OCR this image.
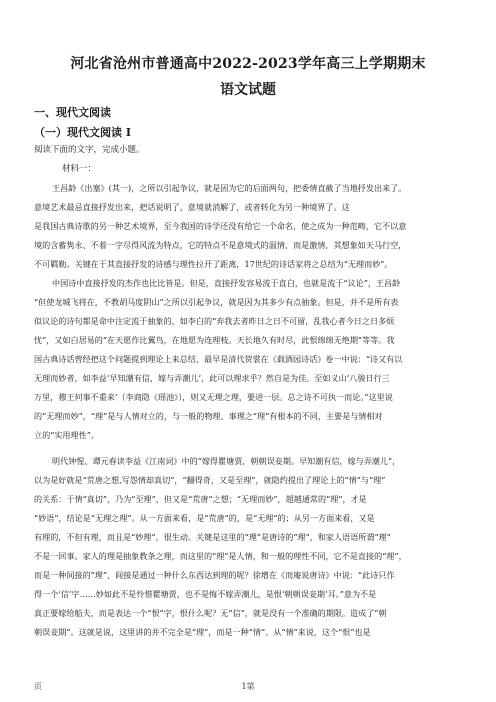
河北省沧州市普通高中2022-2023学年高三上学期期末
语文试题
一、现代文阅读
（一）现代文阅读 I
阅读下面的文字，完成小题。
材料一：
王昌龄《出塞》(其一)，之所以引起争议，就是因为它的后面两句，把委情直截了当地抒发出来了。
意境艺术最忌直接抒发出来，把话说明了，意境就消解了，或者转化为另一种境界了。这
是我国古典诗歌的另一种艺术境界，至今我国的诗学还没有给它一个命名，使之成为一种范畴，它不以意
境的含蓄隽永、不着一字尽得风流为特点，它的特点不是意境式的温情，而是激情，其想象如天马行空，
不可羁勒。关键在于其直接抒发的诗感与理性拉开了距离，17世纪的诗话家将之总结为“无理而妙”。
中国诗中直接抒发的杰作也比比皆是。但是，直接抒发容易流于直白，也就是流于“议论”，王昌龄
“但使龙城飞将在，不教胡马度阴山”之所以引起争议，就是因为其多少有点抽象。但是，并不是所有表
似议论的诗句都是命中注定流于抽象的，如李白的“弃我去者昨日之日不可留，乱我心者今日之日多烦
忧”，又如白居易的“在天愿作比翼鸟，在地愿为连理枝。天长地久有时尽，此恨绵绵无绝期”等等。我
国古典诗话曾经把这个问题提到理论上来总结，最早是清代贺裳在《载酒园诗话》卷一中说：“诗又有以
无理而妙者，如李益‘早知潮有信，嫁与弄潮儿’，此可以理求乎？然自是为佳。至如义山‘八骏日行三
万里，穆王何事不重来’（李商隐《瑶池》），则又无理之理，要进一层。总之诗不可执一而论。”这里说
的“无理而妙”，“理”是与人情对立的，与一般的物理、事理之“理”有根本的不同，主要是与情相对
立的“实用理性”。
明代钟惺、谭元春读李益《江南词》中的“嫁得瞿塘贾，朝朝误妾期。早知潮有信，嫁与弄潮儿”，
以为是好就是“荒唐之想,写怨情却真切”，“翻得奇，又是至理”，就隐约提出了理论上的“情”与“理”
的关系：于情“真切”，乃为“至理”，但又是“荒唐”之想；“无理而妙”，超越通常的“理”，才是
“妙语”，结论是“无理之理”。从一方面来看，是“荒唐”的，是“无理”的；从另一方面来看，又是
有理的，不但有理，而且是“妙理”，很生动。关键是这里的“理”是唐诗的“理”，和家人语语所谓“理”
不是一回事。家人的理是抽象教条之理，而这里的“理”是人情，和一般的理性不同，它不是直接的“理”，
而是一种间接的“理”，间接是通过一种什么东西达到理的呢？徐增在《而庵说唐诗》中说：“此诗只作
得一个‘信’字……妙如此不是怜惜瞿塘贾，也不是悔不嫁弄潮儿，是恨‘朝朝误妾期’耳。”意为不是
真正要嫁给船夫，而是表达一个“恨”字，恨什么呢？无“信”，就是没有一个准确的期限。造成了“朝
朝误妾期”。这就是说，这里讲的并不完全是“理”，而是一种“情”。从“情”来说，这个“恨”也是
页	1第
